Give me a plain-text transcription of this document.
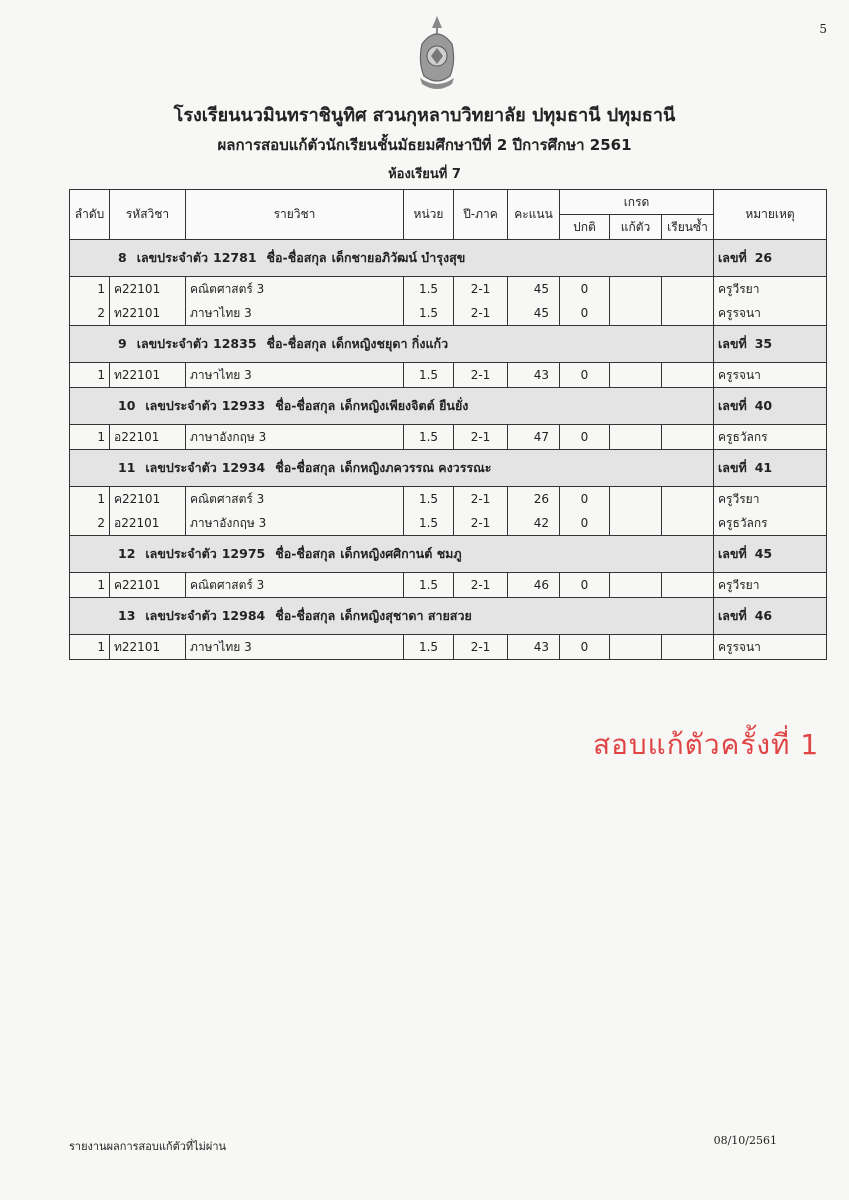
5
โรงเรียนนวมินทราชินูทิศ สวนกุหลาบวิทยาลัย ปทุมธานี ปทุมธานี
ผลการสอบแก้ตัวนักเรียนชั้นมัธยมศึกษาปีที่ 2 ปีการศึกษา 2561
ห้องเรียนที่ 7
ลำดับ	รหัสวิชา	รายวิชา	หน่วย	ปี-ภาค	คะแนน	เกรด			หมายเหตุ
						ปกติ	แก้ตัว	เรียนซ้ำ	
8 เลขประจำตัว 12781 ชื่อ-ชื่อสกุล เด็กชายอภิวัฒน์ บำรุงสุข									เลขที่ 26
1	ค22101	คณิตศาสตร์ 3	1.5	2-1	45	0			ครูวีรยา
2	ท22101	ภาษาไทย 3	1.5	2-1	45	0			ครูรจนา
9 เลขประจำตัว 12835 ชื่อ-ชื่อสกุล เด็กหญิงชยุดา กิ่งแก้ว									เลขที่ 35
1	ท22101	ภาษาไทย 3	1.5	2-1	43	0			ครูรจนา
10 เลขประจำตัว 12933 ชื่อ-ชื่อสกุล เด็กหญิงเพียงจิตต์ ยืนยั่ง									เลขที่ 40
1	อ22101	ภาษาอังกฤษ 3	1.5	2-1	47	0			ครูธวัลกร
11 เลขประจำตัว 12934 ชื่อ-ชื่อสกุล เด็กหญิงภควรรณ คงวรรณะ									เลขที่ 41
1	ค22101	คณิตศาสตร์ 3	1.5	2-1	26	0			ครูวีรยา
2	อ22101	ภาษาอังกฤษ 3	1.5	2-1	42	0			ครูธวัลกร
12 เลขประจำตัว 12975 ชื่อ-ชื่อสกุล เด็กหญิงศศิกานต์ ชมภู									เลขที่ 45
1	ค22101	คณิตศาสตร์ 3	1.5	2-1	46	0			ครูวีรยา
13 เลขประจำตัว 12984 ชื่อ-ชื่อสกุล เด็กหญิงสุชาดา สายสวย									เลขที่ 46
1	ท22101	ภาษาไทย 3	1.5	2-1	43	0			ครูรจนา
สอบแก้ตัวครั้งที่ 1
รายงานผลการสอบแก้ตัวที่ไม่ผ่าน	08/10/2561
